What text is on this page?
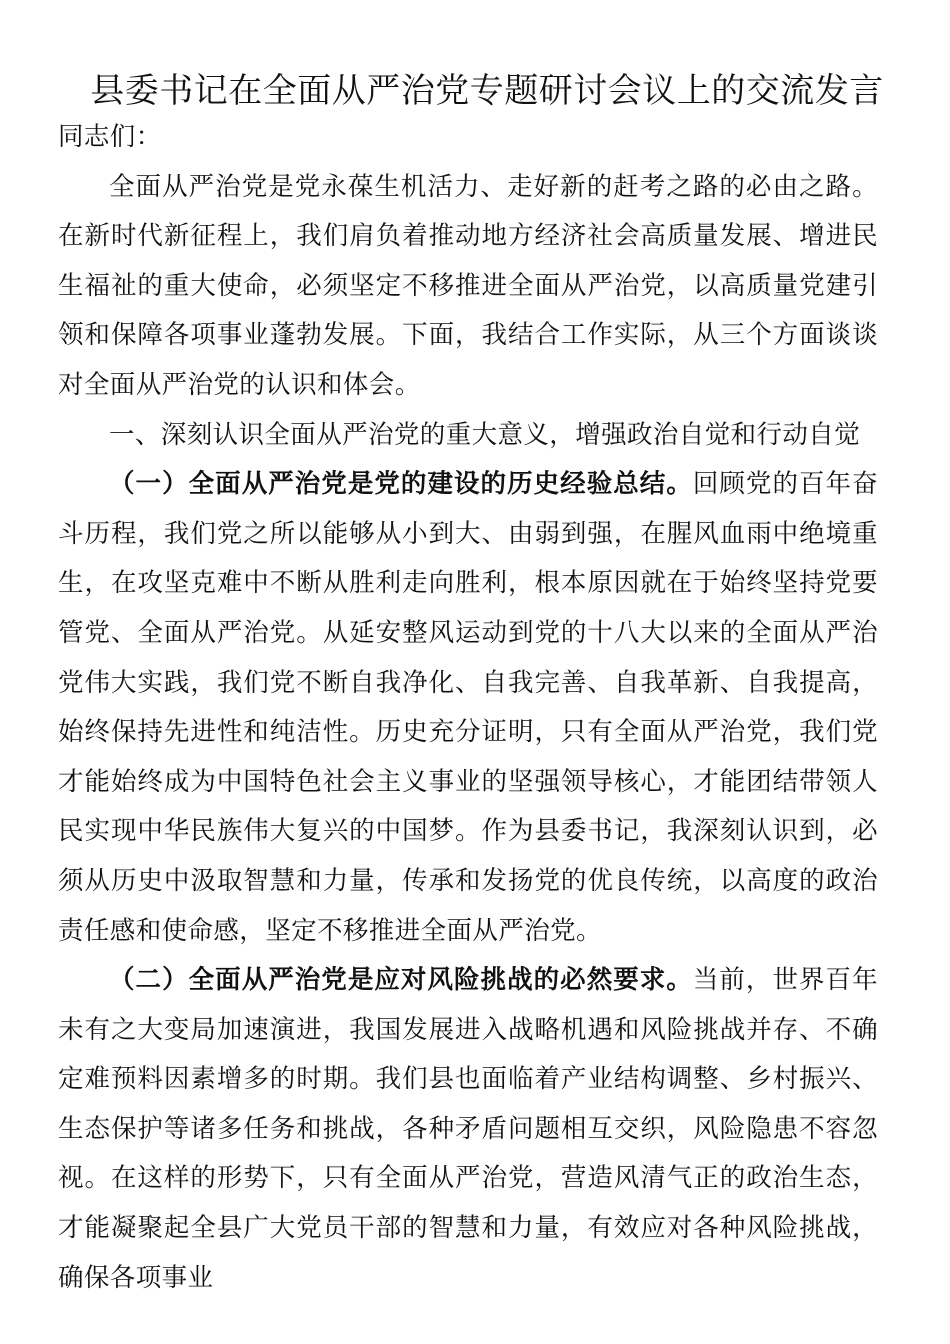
县委书记在全面从严治党专题研讨会议上的交流发言

同志们：

全面从严治党是党永葆生机活力、走好新的赶考之路的必由之路。在新时代新征程上，我们肩负着推动地方经济社会高质量发展、增进民生福祉的重大使命，必须坚定不移推进全面从严治党，以高质量党建引领和保障各项事业蓬勃发展。下面，我结合工作实际，从三个方面谈谈对全面从严治党的认识和体会。

一、深刻认识全面从严治党的重大意义，增强政治自觉和行动自觉

（一）全面从严治党是党的建设的历史经验总结。回顾党的百年奋斗历程，我们党之所以能够从小到大、由弱到强，在腥风血雨中绝境重生，在攻坚克难中不断从胜利走向胜利，根本原因就在于始终坚持党要管党、全面从严治党。从延安整风运动到党的十八大以来的全面从严治党伟大实践，我们党不断自我净化、自我完善、自我革新、自我提高，始终保持先进性和纯洁性。历史充分证明，只有全面从严治党，我们党才能始终成为中国特色社会主义事业的坚强领导核心，才能团结带领人民实现中华民族伟大复兴的中国梦。作为县委书记，我深刻认识到，必须从历史中汲取智慧和力量，传承和发扬党的优良传统，以高度的政治责任感和使命感，坚定不移推进全面从严治党。

（二）全面从严治党是应对风险挑战的必然要求。当前，世界百年未有之大变局加速演进，我国发展进入战略机遇和风险挑战并存、不确定难预料因素增多的时期。我们县也面临着产业结构调整、乡村振兴、生态保护等诸多任务和挑战，各种矛盾问题相互交织，风险隐患不容忽视。在这样的形势下，只有全面从严治党，营造风清气正的政治生态，才能凝聚起全县广大党员干部的智慧和力量，有效应对各种风险挑战，确保各项事业
